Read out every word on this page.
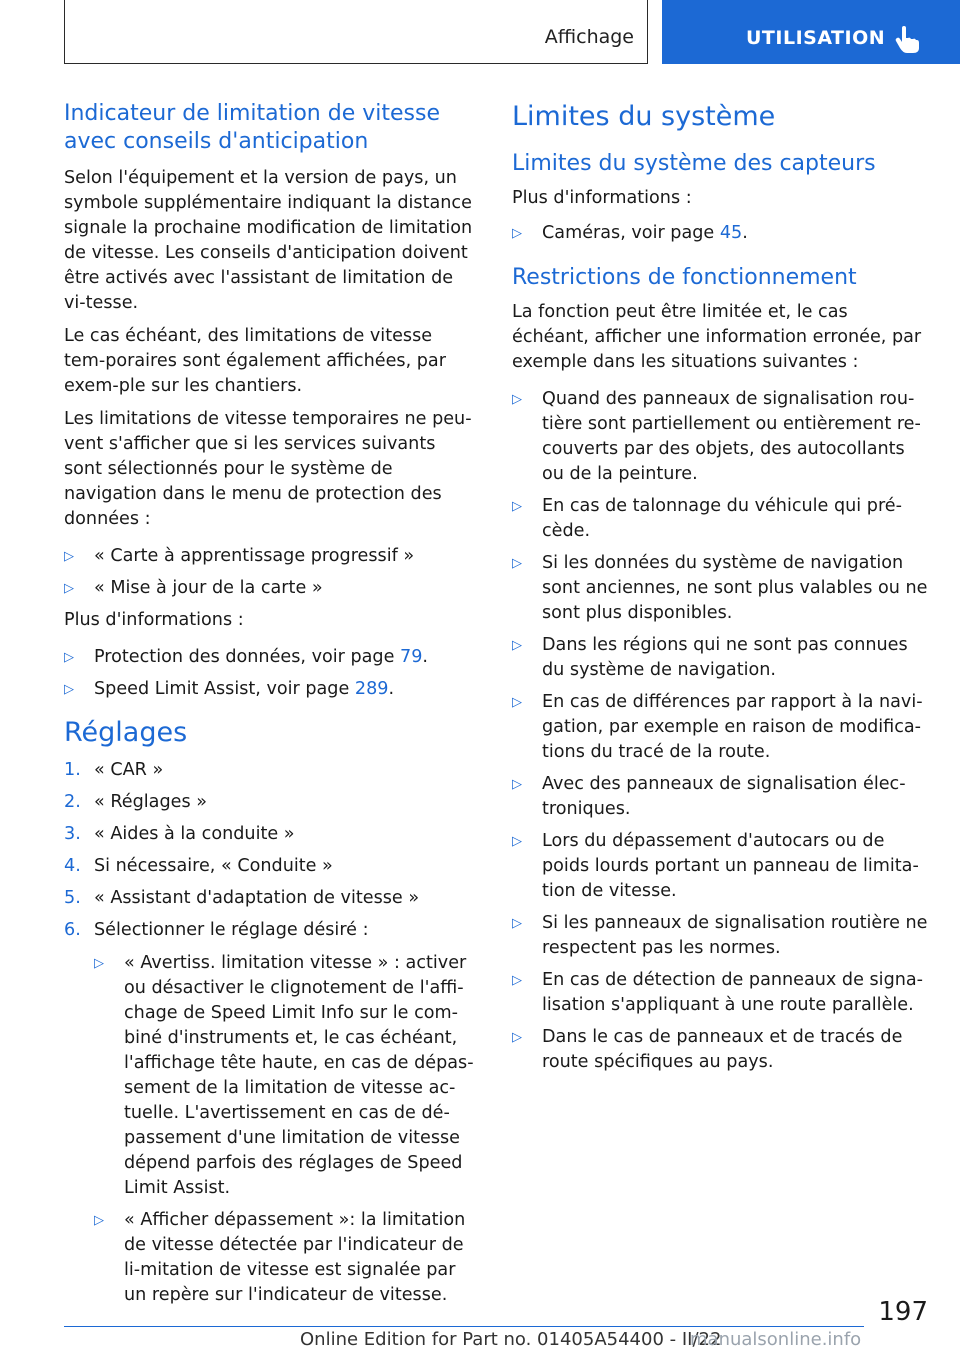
Affichage	UTILISATION
Indicateur de limitation de vitesse avec conseils d'anticipation

Selon l'équipement et la version de pays, un symbole supplémentaire indiquant la distance signale la prochaine modification de limitation de vitesse. Les conseils d'anticipation doivent être activés avec l'assistant de limitation de vi-tesse.

Le cas échéant, des limitations de vitesse tem-poraires sont également affichées, par exem-ple sur les chantiers.

Les limitations de vitesse temporaires ne peu-vent s'afficher que si les services suivants sont sélectionnés pour le système de navigation dans le menu de protection des données :

▷ « Carte à apprentissage progressif »
▷ « Mise à jour de la carte »

Plus d'informations :

▷ Protection des données, voir page 79.
▷ Speed Limit Assist, voir page 289.
Réglages
1. « CAR »
2. « Réglages »
3. « Aides à la conduite »
4. Si nécessaire, « Conduite »
5. « Assistant d'adaptation de vitesse »
6. Sélectionner le réglage désiré :
▷ « Avertiss. limitation vitesse » : activer ou désactiver le clignotement de l'affi-chage de Speed Limit Info sur le com-biné d'instruments et, le cas échéant, l'affichage tête haute, en cas de dépas-sement de la limitation de vitesse ac-tuelle. L'avertissement en cas de dé-passement d'une limitation de vitesse dépend parfois des réglages de Speed Limit Assist.
▷ « Afficher dépassement »: la limitation de vitesse détectée par l'indicateur de li-mitation de vitesse est signalée par un repère sur l'indicateur de vitesse.
Limites du système
Limites du système des capteurs

Plus d'informations :

▷ Caméras, voir page 45.
Restrictions de fonctionnement

La fonction peut être limitée et, le cas échéant, afficher une information erronée, par exemple dans les situations suivantes :

▷ Quand des panneaux de signalisation rou-tière sont partiellement ou entièrement re-couverts par des objets, des autocollants ou de la peinture.
▷ En cas de talonnage du véhicule qui pré-cède.
▷ Si les données du système de navigation sont anciennes, ne sont plus valables ou ne sont plus disponibles.
▷ Dans les régions qui ne sont pas connues du système de navigation.
▷ En cas de différences par rapport à la navi-gation, par exemple en raison de modifica-tions du tracé de la route.
▷ Avec des panneaux de signalisation élec-troniques.
▷ Lors du dépassement d'autocars ou de poids lourds portant un panneau de limita-tion de vitesse.
▷ Si les panneaux de signalisation routière ne respectent pas les normes.
▷ En cas de détection de panneaux de signa-lisation s'appliquant à une route parallèle.
▷ Dans le cas de panneaux et de tracés de route spécifiques au pays.
197
Online Edition for Part no. 01405A54400 - II/22
manualsonline.info
